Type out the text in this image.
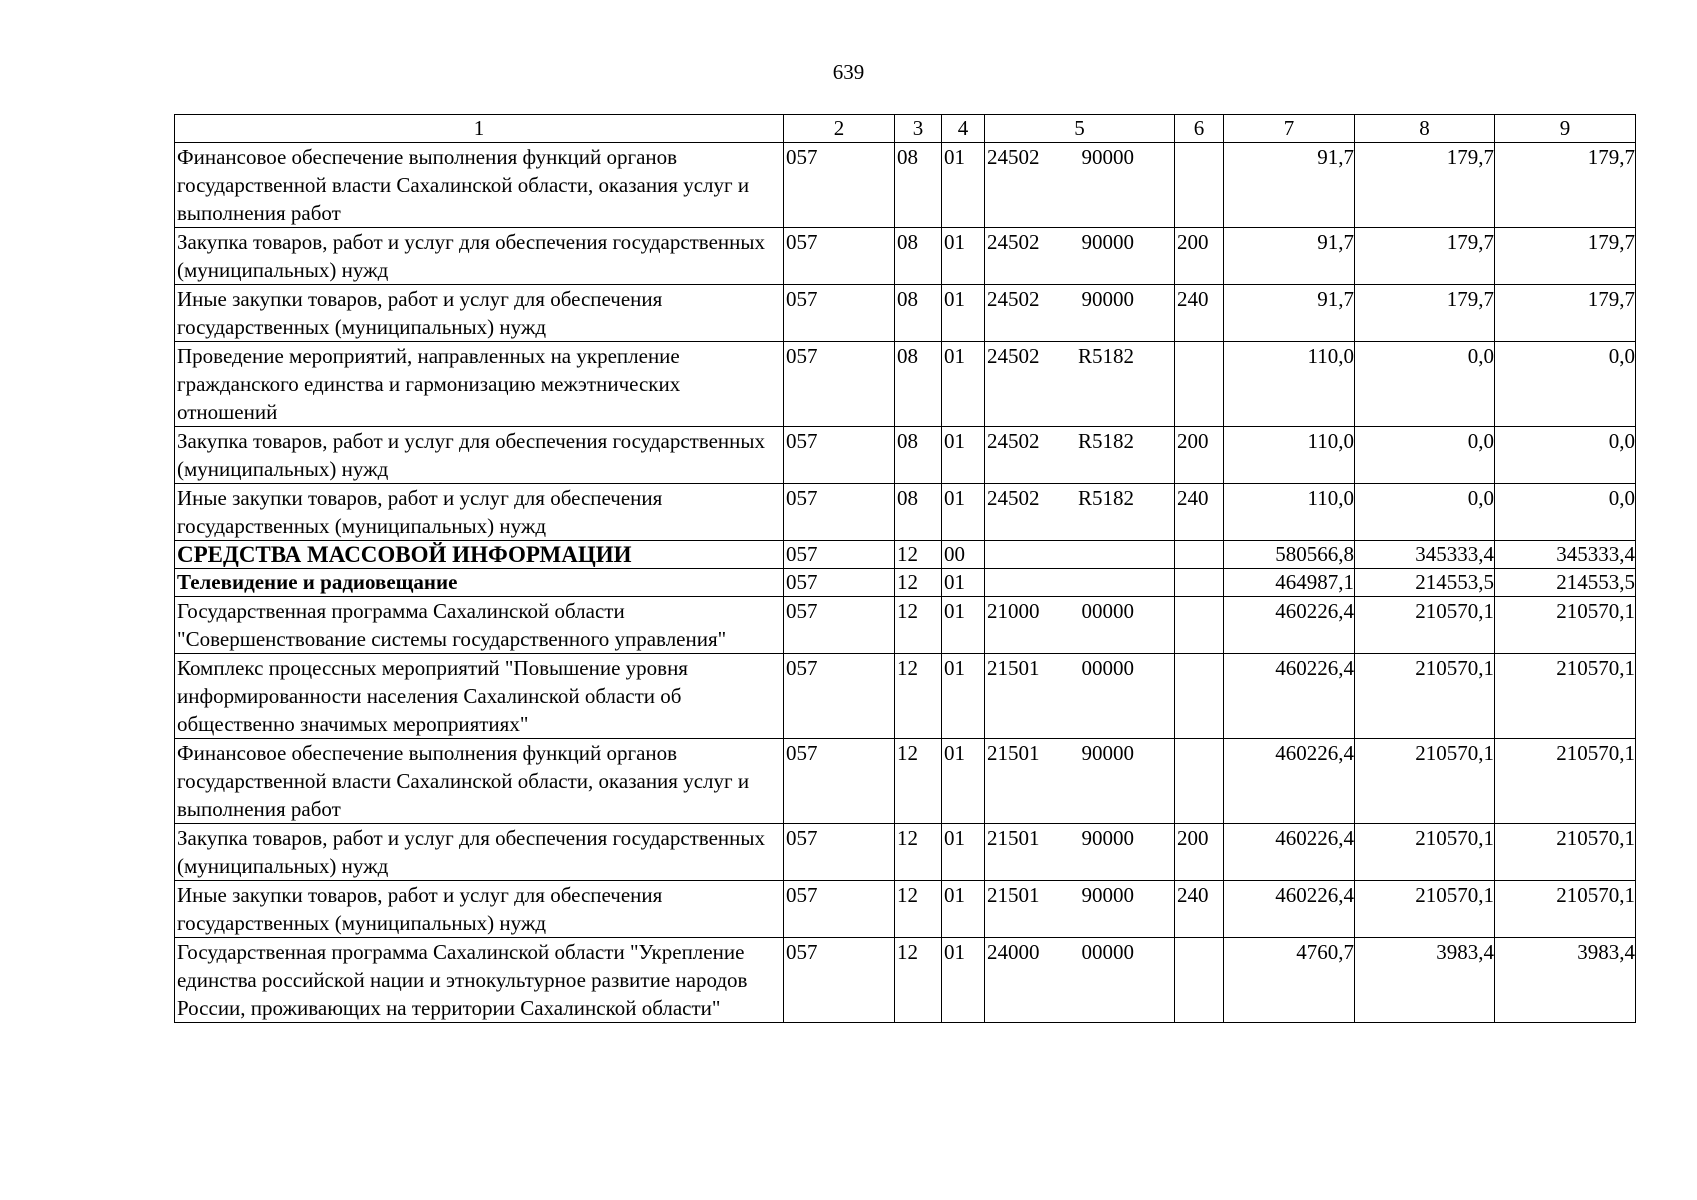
639
1	2	3	4	5	6	7	8	9
Финансовое обеспечение выполнения функций органов государственной власти Сахалинской области, оказания услуг и выполнения работ	057	08	01	24502 90000		91,7	179,7	179,7
Закупка товаров, работ и услуг для обеспечения государственных (муниципальных) нужд	057	08	01	24502 90000	200	91,7	179,7	179,7
Иные закупки товаров, работ и услуг для обеспечения государственных (муниципальных) нужд	057	08	01	24502 90000	240	91,7	179,7	179,7
Проведение мероприятий, направленных на укрепление гражданского единства и гармонизацию межэтнических отношений	057	08	01	24502 R5182		110,0	0,0	0,0
Закупка товаров, работ и услуг для обеспечения государственных (муниципальных) нужд	057	08	01	24502 R5182	200	110,0	0,0	0,0
Иные закупки товаров, работ и услуг для обеспечения государственных (муниципальных) нужд	057	08	01	24502 R5182	240	110,0	0,0	0,0
СРЕДСТВА МАССОВОЙ ИНФОРМАЦИИ	057	12	00			580566,8	345333,4	345333,4
Телевидение и радиовещание	057	12	01			464987,1	214553,5	214553,5
Государственная программа Сахалинской области "Совершенствование системы государственного управления"	057	12	01	21000 00000		460226,4	210570,1	210570,1
Комплекс процессных мероприятий "Повышение уровня информированности населения Сахалинской области об общественно значимых мероприятиях"	057	12	01	21501 00000		460226,4	210570,1	210570,1
Финансовое обеспечение выполнения функций органов государственной власти Сахалинской области, оказания услуг и выполнения работ	057	12	01	21501 90000		460226,4	210570,1	210570,1
Закупка товаров, работ и услуг для обеспечения государственных (муниципальных) нужд	057	12	01	21501 90000	200	460226,4	210570,1	210570,1
Иные закупки товаров, работ и услуг для обеспечения государственных (муниципальных) нужд	057	12	01	21501 90000	240	460226,4	210570,1	210570,1
Государственная программа Сахалинской области "Укрепление единства российской нации и этнокультурное развитие народов России, проживающих на территории Сахалинской области"	057	12	01	24000 00000		4760,7	3983,4	3983,4
